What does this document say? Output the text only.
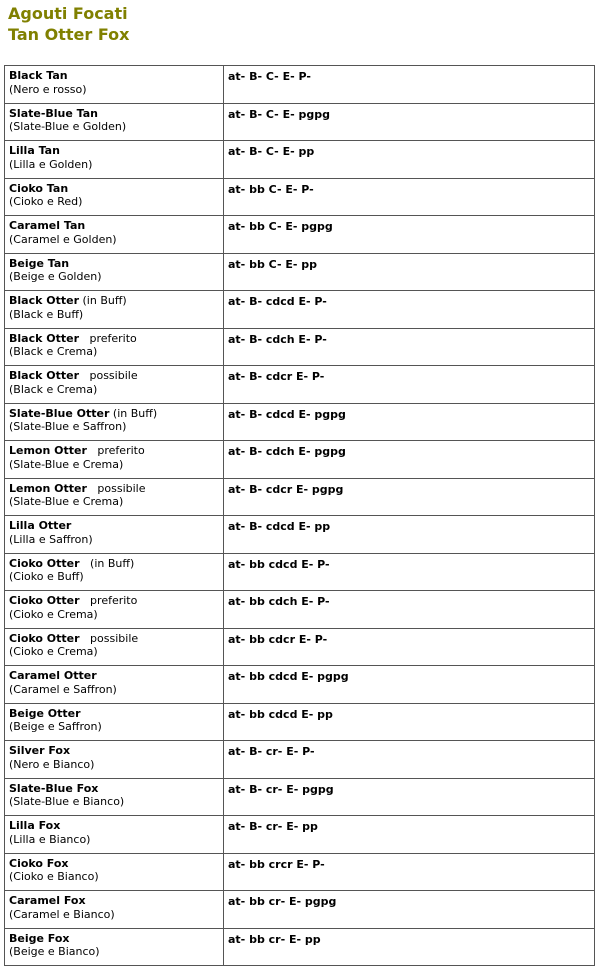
Agouti Focati
Tan Otter Fox
Black Tan
(Nero e rosso)	at- B- C- E- P-
Slate-Blue Tan
(Slate-Blue e Golden)	at- B- C- E- pgpg
Lilla Tan
(Lilla e Golden)	at- B- C- E- pp
Cioko Tan
(Cioko e Red)	at- bb C- E- P-
Caramel Tan
(Caramel e Golden)	at- bb C- E- pgpg
Beige Tan
(Beige e Golden)	at- bb C- E- pp
Black Otter (in Buff)
(Black e Buff)	at- B- cdcd E- P-
Black Otter   preferito
(Black e Crema)	at- B- cdch E- P-
Black Otter   possibile
(Black e Crema)	at- B- cdcr E- P-
Slate-Blue Otter (in Buff)
(Slate-Blue e Saffron)	at- B- cdcd E- pgpg
Lemon Otter   preferito
(Slate-Blue e Crema)	at- B- cdch E- pgpg
Lemon Otter   possibile
(Slate-Blue e Crema)	at- B- cdcr E- pgpg
Lilla Otter
(Lilla e Saffron)	at- B- cdcd E- pp
Cioko Otter   (in Buff)
(Cioko e Buff)	at- bb cdcd E- P-
Cioko Otter   preferito
(Cioko e Crema)	at- bb cdch E- P-
Cioko Otter   possibile
(Cioko e Crema)	at- bb cdcr E- P-
Caramel Otter
(Caramel e Saffron)	at- bb cdcd E- pgpg
Beige Otter
(Beige e Saffron)	at- bb cdcd E- pp
Silver Fox
(Nero e Bianco)	at- B- cr- E- P-
Slate-Blue Fox
(Slate-Blue e Bianco)	at- B- cr- E- pgpg
Lilla Fox
(Lilla e Bianco)	at- B- cr- E- pp
Cioko Fox
(Cioko e Bianco)	at- bb crcr E- P-
Caramel Fox
(Caramel e Bianco)	at- bb cr- E- pgpg
Beige Fox
(Beige e Bianco)	at- bb cr- E- pp
